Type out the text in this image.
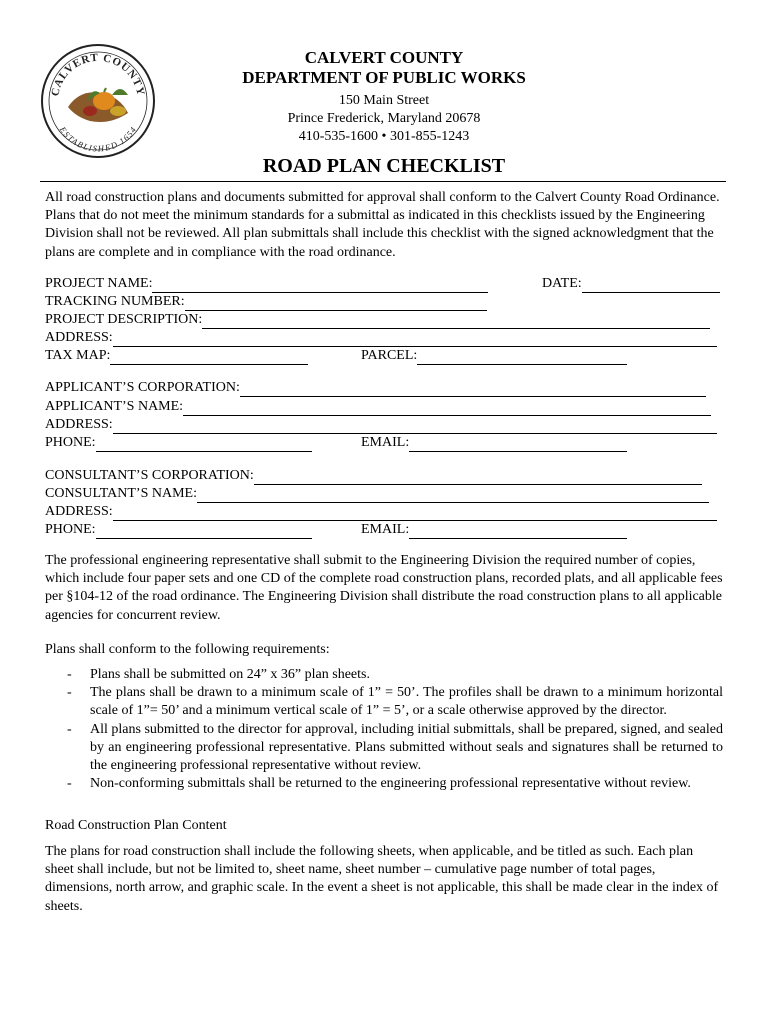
CALVERT COUNTY
ESTABLISHED 1654
CALVERT COUNTY
DEPARTMENT OF PUBLIC WORKS
150 Main Street
Prince Frederick, Maryland 20678
410-535-1600 • 301-855-1243
ROAD PLAN CHECKLIST
All road construction plans and documents submitted for approval shall conform to the Calvert County Road Ordinance. Plans that do not meet the minimum standards for a submittal as indicated in this checklists issued by the Engineering Division shall not be reviewed. All plan submittals shall include this checklist with the signed acknowledgment that the plans are complete and in compliance with the road ordinance.
PROJECT NAME:	DATE:
TRACKING NUMBER:
PROJECT DESCRIPTION:
ADDRESS:
TAX MAP:	PARCEL:
APPLICANT’S CORPORATION:
APPLICANT’S NAME:
ADDRESS:
PHONE:	EMAIL:
CONSULTANT’S CORPORATION:
CONSULTANT’S NAME:
ADDRESS:
PHONE:	EMAIL:
The professional engineering representative shall submit to the Engineering Division the required number of copies, which include four paper sets and one CD of the complete road construction plans, recorded plats, and all applicable fees per §104-12 of the road ordinance. The Engineering Division shall distribute the road construction plans to all applicable agencies for concurrent review.
Plans shall conform to the following requirements:
- Plans shall be submitted on 24” x 36” plan sheets.
- The plans shall be drawn to a minimum scale of 1” = 50’. The profiles shall be drawn to a minimum horizontal scale of 1”= 50’ and a minimum vertical scale of 1” = 5’, or a scale otherwise approved by the director.
- All plans submitted to the director for approval, including initial submittals, shall be prepared, signed, and sealed by an engineering professional representative. Plans submitted without seals and signatures shall be returned to the engineering professional representative without review.
- Non-conforming submittals shall be returned to the engineering professional representative without review.
Road Construction Plan Content
The plans for road construction shall include the following sheets, when applicable, and be titled as such. Each plan sheet shall include, but not be limited to, sheet name, sheet number – cumulative page number of total pages, dimensions, north arrow, and graphic scale. In the event a sheet is not applicable, this shall be made clear in the index of sheets.
